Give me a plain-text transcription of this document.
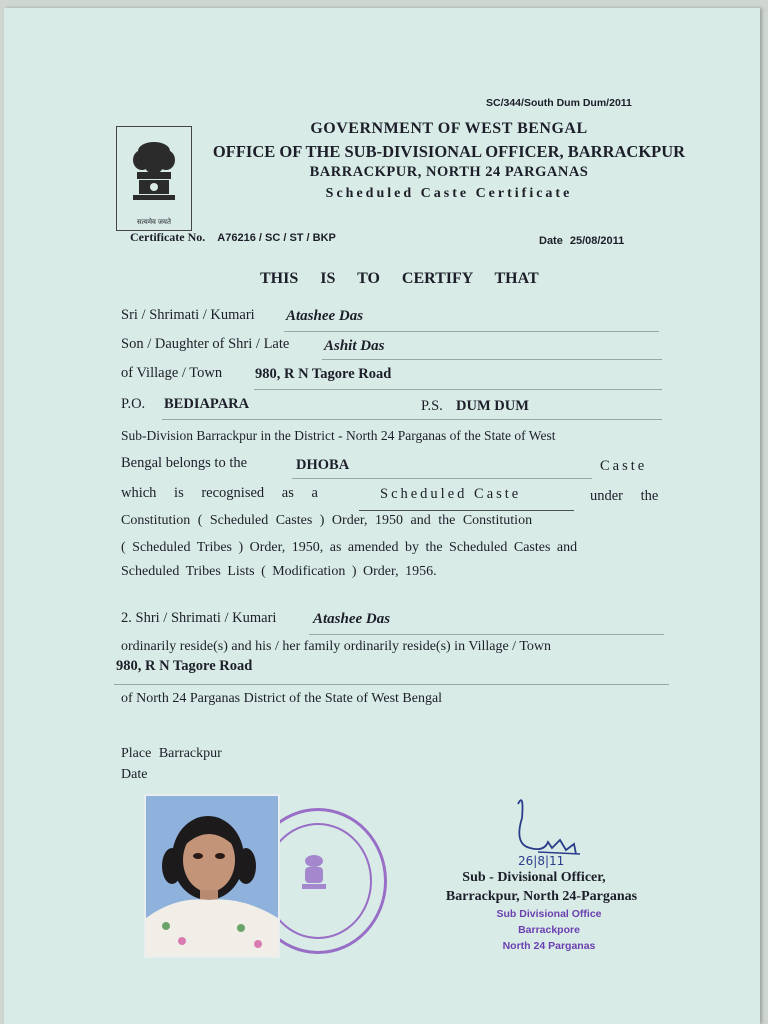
SC/344/South Dum Dum/2011
सत्यमेव जयते
GOVERNMENT OF WEST BENGAL
OFFICE OF THE SUB-DIVISIONAL OFFICER, BARRACKPUR
BARRACKPUR, NORTH 24 PARGANAS
Scheduled Caste Certificate
Certificate No. A76216 / SC / ST / BKP	Date 25/08/2011
THIS IS TO CERTIFY THAT
Sri / Shrimati / Kumari Atashee Das
Son / Daughter of Shri / Late Ashit Das
of Village / Town 980, R N Tagore Road
P.O. BEDIAPARA	P.S. DUM DUM
Sub-Division Barrackpur in the District - North 24 Parganas of the State of West
Bengal belongs to the	DHOBA	Caste
which is recognised as a	Scheduled Caste	under the
Constitution ( Scheduled Castes ) Order, 1950 and the Constitution
( Scheduled Tribes ) Order, 1950, as amended by the Scheduled Castes and
Scheduled Tribes Lists ( Modification ) Order, 1956.
2. Shri / Shrimati / Kumari Atashee Das
ordinarily reside(s) and his / her family ordinarily reside(s) in Village / Town
980, R N Tagore Road
of North 24 Parganas District of the State of West Bengal
Place Barrackpur
Date
26|8|11
Sub - Divisional Officer,
Barrackpur, North 24-Parganas
Sub Divisional Office
Barrackpore
North 24 Parganas
